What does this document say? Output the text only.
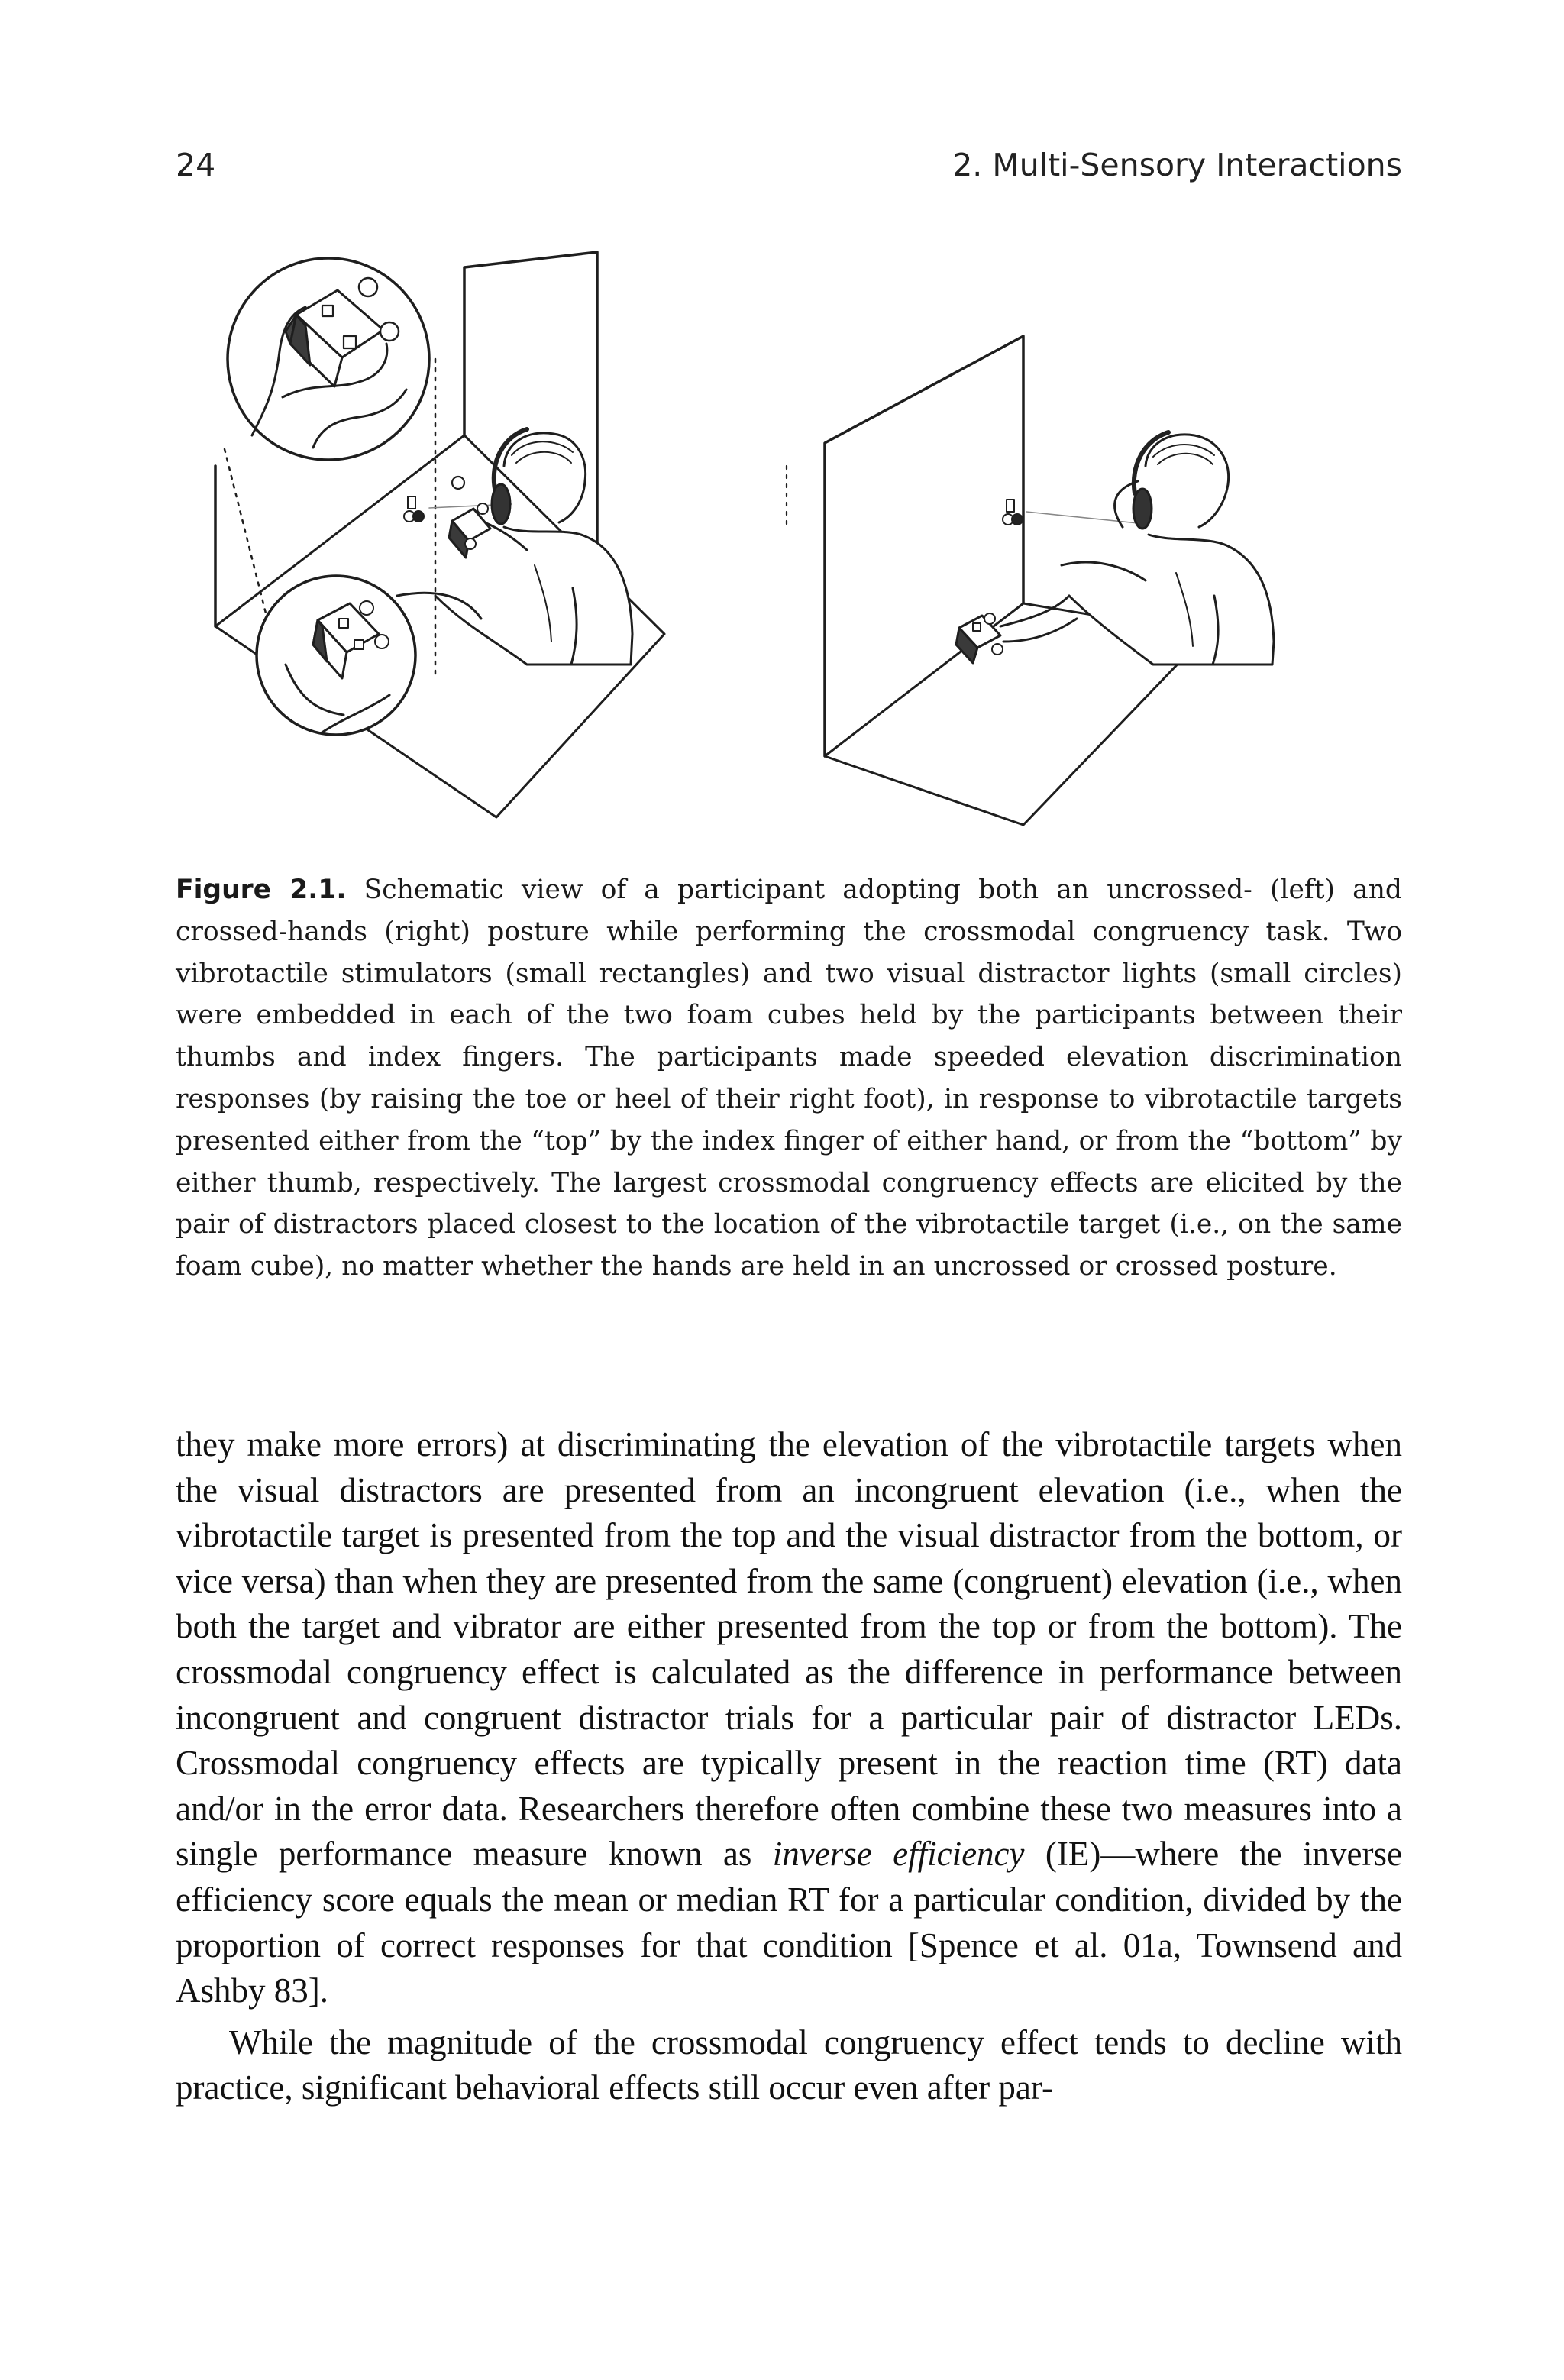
24	2. Multi-Sensory Interactions
Figure 2.1. Schematic view of a participant adopting both an uncrossed- (left) and crossed-hands (right) posture while performing the crossmodal congruency task. Two vibrotactile stimulators (small rectangles) and two visual distractor lights (small circles) were embedded in each of the two foam cubes held by the participants between their thumbs and index fingers. The participants made speeded elevation discrimination responses (by raising the toe or heel of their right foot), in response to vibrotactile targets presented either from the “top” by the index finger of either hand, or from the “bottom” by either thumb, respectively. The largest crossmodal congruency effects are elicited by the pair of distractors placed closest to the location of the vibrotactile target (i.e., on the same foam cube), no matter whether the hands are held in an uncrossed or crossed posture.

they make more errors) at discriminating the elevation of the vibrotactile targets when the visual distractors are presented from an incongruent elevation (i.e., when the vibrotactile target is presented from the top and the visual distractor from the bottom, or vice versa) than when they are presented from the same (congruent) elevation (i.e., when both the target and vibrator are either presented from the top or from the bottom). The crossmodal congruency effect is calculated as the difference in performance between incongruent and congruent distractor trials for a particular pair of distractor LEDs. Crossmodal congruency effects are typically present in the reaction time (RT) data and/or in the error data. Researchers therefore often combine these two measures into a single performance measure known as inverse efficiency (IE)—where the inverse efficiency score equals the mean or median RT for a particular condition, divided by the proportion of correct responses for that condition [Spence et al. 01a, Townsend and Ashby 83].

While the magnitude of the crossmodal congruency effect tends to decline with practice, significant behavioral effects still occur even after par-
